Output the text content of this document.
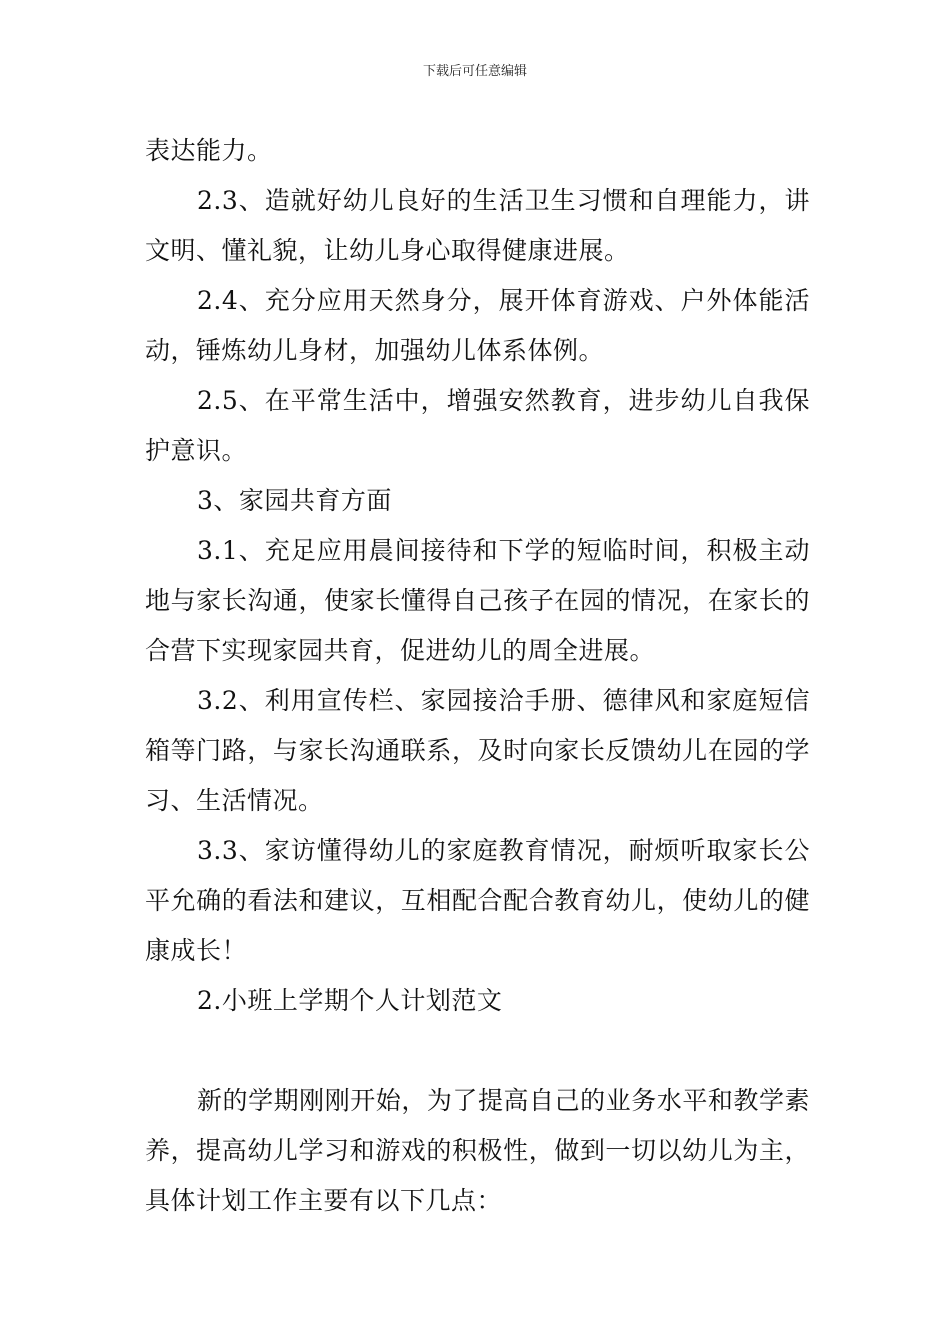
下载后可任意编辑

表达能力。

2.3、造就好幼儿良好的生活卫生习惯和自理能力，讲文明、懂礼貌，让幼儿身心取得健康进展。

2.4、充分应用天然身分，展开体育游戏、户外体能活动，锤炼幼儿身材，加强幼儿体系体例。

2.5、在平常生活中，增强安然教育，进步幼儿自我保护意识。

3、家园共育方面

3.1、充足应用晨间接待和下学的短临时间，积极主动地与家长沟通，使家长懂得自己孩子在园的情况，在家长的合营下实现家园共育，促进幼儿的周全进展。

3.2、利用宣传栏、家园接洽手册、德律风和家庭短信箱等门路，与家长沟通联系，及时向家长反馈幼儿在园的学习、生活情况。

3.3、家访懂得幼儿的家庭教育情况，耐烦听取家长公平允确的看法和建议，互相配合配合教育幼儿，使幼儿的健康成长！

2.小班上学期个人计划范文

新的学期刚刚开始，为了提高自己的业务水平和教学素养，提高幼儿学习和游戏的积极性，做到一切以幼儿为主，具体计划工作主要有以下几点：
